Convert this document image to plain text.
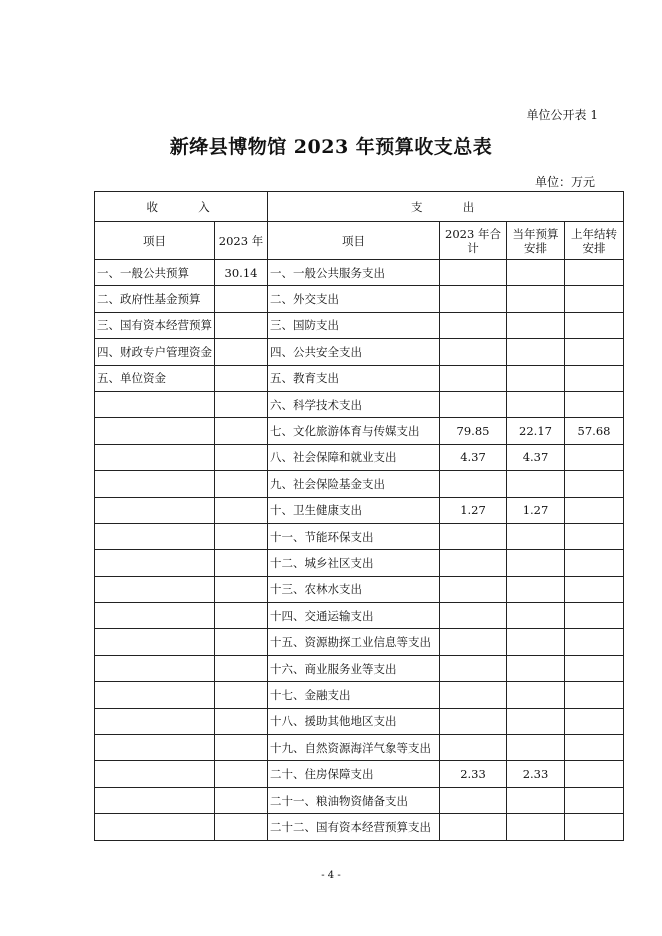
单位公开表 1
新绛县博物馆 2023 年预算收支总表
单位：万元
收　　入		支　　出			
项目	2023 年	项目	2023 年合计	当年预算安排	上年结转安排
一、一般公共预算	30.14	一、一般公共服务支出			
二、政府性基金预算		二、外交支出			
三、国有资本经营预算		三、国防支出			
四、财政专户管理资金		四、公共安全支出			
五、单位资金		五、教育支出			
		六、科学技术支出			
		七、文化旅游体育与传媒支出	79.85	22.17	57.68
		八、社会保障和就业支出	4.37	4.37	
		九、社会保险基金支出			
		十、卫生健康支出	1.27	1.27	
		十一、节能环保支出			
		十二、城乡社区支出			
		十三、农林水支出			
		十四、交通运输支出			
		十五、资源勘探工业信息等支出			
		十六、商业服务业等支出			
		十七、金融支出			
		十八、援助其他地区支出			
		十九、自然资源海洋气象等支出			
		二十、住房保障支出	2.33	2.33	
		二十一、粮油物资储备支出			
		二十二、国有资本经营预算支出			
- 4 -
